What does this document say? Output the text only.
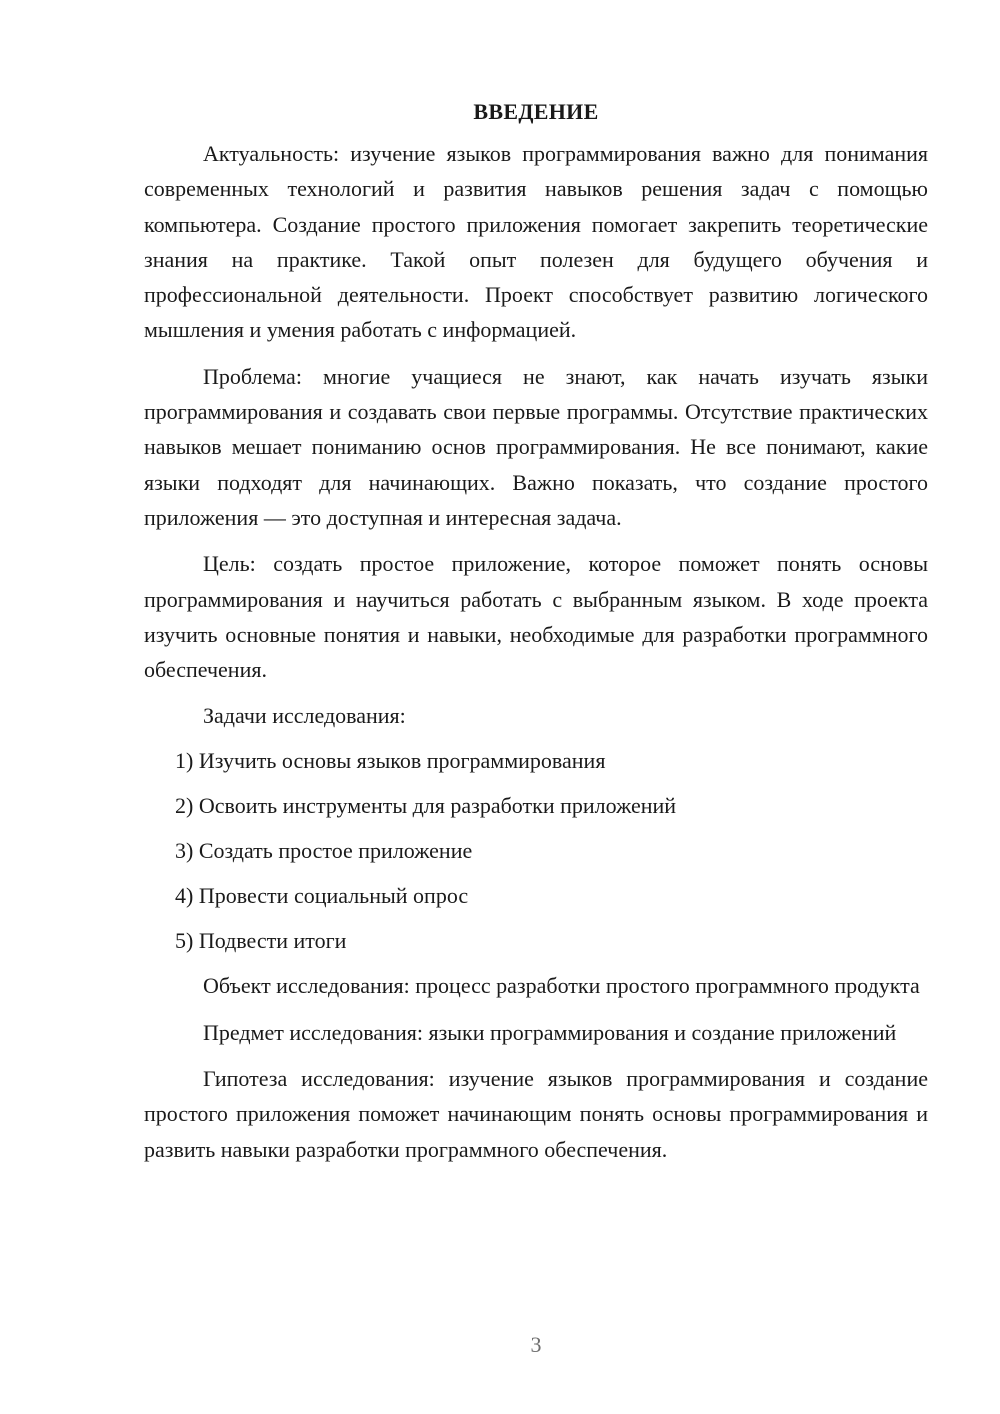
ВВЕДЕНИЕ

Актуальность: изучение языков программирования важно для понимания современных технологий и развития навыков решения задач с помощью компьютера. Создание простого приложения помогает закрепить теоретические знания на практике. Такой опыт полезен для будущего обучения и профессиональной деятельности. Проект способствует развитию логического мышления и умения работать с информацией.

Проблема: многие учащиеся не знают, как начать изучать языки программирования и создавать свои первые программы. Отсутствие практических навыков мешает пониманию основ программирования. Не все понимают, какие языки подходят для начинающих. Важно показать, что создание простого приложения — это доступная и интересная задача.

Цель: создать простое приложение, которое поможет понять основы программирования и научиться работать с выбранным языком. В ходе проекта изучить основные понятия и навыки, необходимые для разработки программного обеспечения.

Задачи исследования:

1) Изучить основы языков программирования
2) Освоить инструменты для разработки приложений
3) Создать простое приложение
4) Провести социальный опрос
5) Подвести итоги

Объект исследования: процесс разработки простого программного продукта

Предмет исследования: языки программирования и создание приложений

Гипотеза исследования: изучение языков программирования и создание простого приложения поможет начинающим понять основы программирования и развить навыки разработки программного обеспечения.

3
